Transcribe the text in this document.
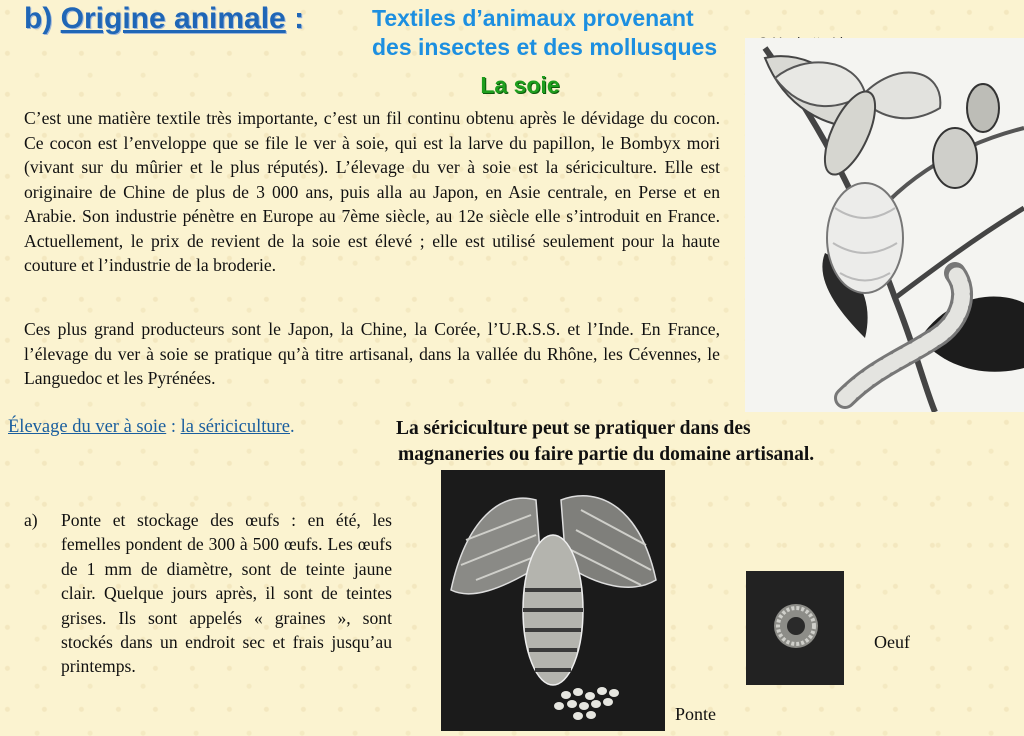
b) Origine animale :	Textiles d’animaux provenant des insectes et des mollusques
La soie

C’est une matière textile très importante, c’est un fil continu obtenu après le dévidage du cocon. Ce cocon est l’enveloppe que se file le ver à soie, qui est la larve du papillon, le Bombyx mori (vivant sur du mûrier et le plus réputés). L’élevage du ver à soie est la sériciculture. Elle est originaire de Chine de plus de 3 000 ans, puis alla au Japon, en Asie centrale, en Perse et en Arabie. Son industrie pénètre en Europe au 7ème siècle, au 12e siècle elle s’introduit en France. Actuellement, le prix de revient de la soie est élevé ; elle est utilisé seulement pour la haute couture et l’industrie de la broderie.

Ces plus grand producteurs sont le Japon, la Chine, la Corée, l’U.R.S.S. et l’Inde. En France, l’élevage du ver à soie se pratique qu’à titre artisanal, dans la vallée du Rhône, les Cévennes, le Languedoc et les Pyrénées.

Élevage du ver à soie : la sériciculture.	La sériciculture peut se pratiquer dans des
magnaneries ou faire partie du domaine artisanal.

a) Ponte et stockage des œufs : en été, les femelles pondent de 300 à 500 œufs. Les œufs de 1 mm de diamètre, sont de teinte jaune clair. Quelque jours après, il sont de teintes grises. Ils sont appelés « graines », sont stockés dans un endroit sec et frais jusqu’au printemps.

Ponte
Oeuf
